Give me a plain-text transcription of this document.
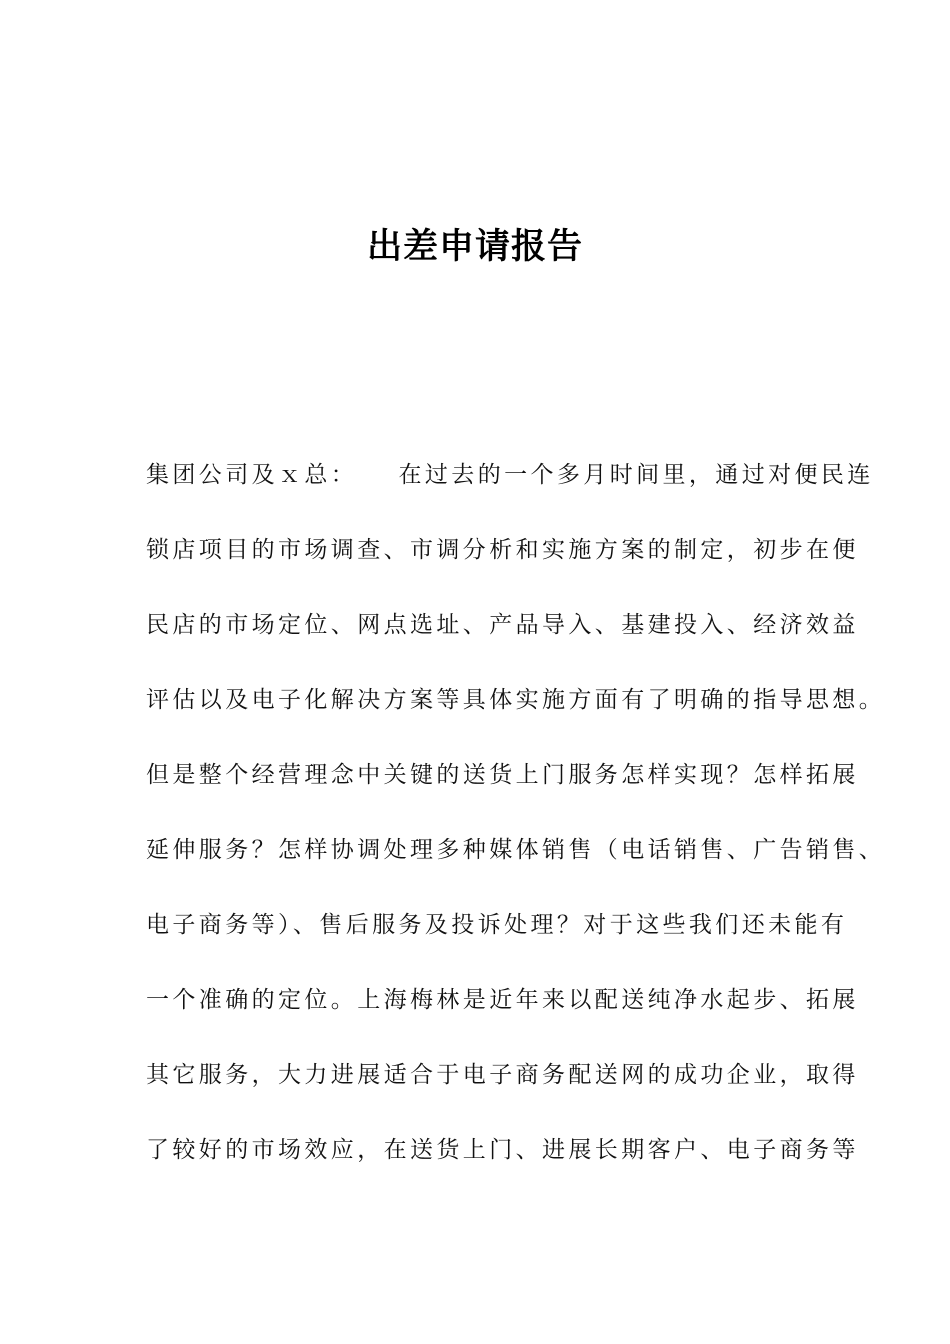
出差申请报告
集团公司及ｘ总：　　在过去的一个多月时间里，通过对便民连
锁店项目的市场调查、市调分析和实施方案的制定，初步在便
民店的市场定位、网点选址、产品导入、基建投入、经济效益
评估以及电子化解决方案等具体实施方面有了明确的指导思想。
但是整个经营理念中关键的送货上门服务怎样实现？怎样拓展
延伸服务？怎样协调处理多种媒体销售（电话销售、广告销售、
电子商务等）、售后服务及投诉处理？对于这些我们还未能有
一个准确的定位。上海梅林是近年来以配送纯净水起步、拓展
其它服务，大力进展适合于电子商务配送网的成功企业，取得
了较好的市场效应，在送货上门、进展长期客户、电子商务等
